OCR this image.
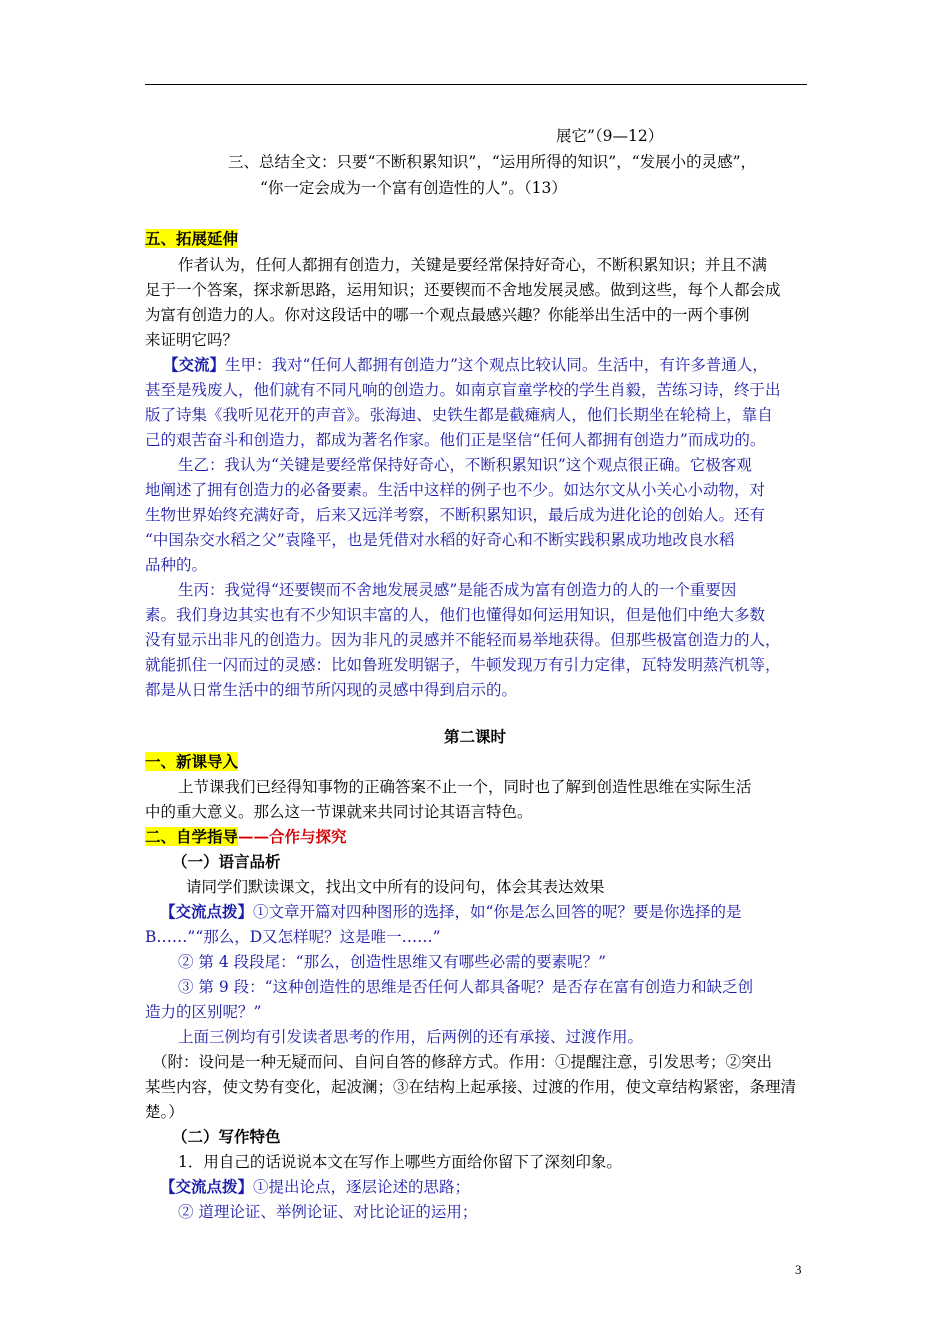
展它”（9—12）
三、总结全文：只要“不断积累知识”，“运用所得的知识”，“发展小的灵感”，
“你一定会成为一个富有创造性的人”。（13）
五、拓展延伸
作者认为，任何人都拥有创造力，关键是要经常保持好奇心，不断积累知识；并且不满
足于一个答案，探求新思路，运用知识；还要锲而不舍地发展灵感。做到这些，每个人都会成
为富有创造力的人。你对这段话中的哪一个观点最感兴趣？你能举出生活中的一两个事例
来证明它吗？
【交流】生甲：我对“任何人都拥有创造力”这个观点比较认同。生活中，有许多普通人，
甚至是残废人，他们就有不同凡响的创造力。如南京盲童学校的学生肖毅，苦练习诗，终于出
版了诗集《我听见花开的声音》。张海迪、史铁生都是截瘫病人，他们长期坐在轮椅上，靠自
己的艰苦奋斗和创造力，都成为著名作家。他们正是坚信“任何人都拥有创造力”而成功的。
生乙：我认为“关键是要经常保持好奇心，不断积累知识”这个观点很正确。它极客观
地阐述了拥有创造力的必备要素。生活中这样的例子也不少。如达尔文从小关心小动物，对
生物世界始终充满好奇，后来又远洋考察，不断积累知识，最后成为进化论的创始人。还有
“中国杂交水稻之父”袁隆平，也是凭借对水稻的好奇心和不断实践积累成功地改良水稻
品种的。
生丙：我觉得“还要锲而不舍地发展灵感”是能否成为富有创造力的人的一个重要因
素。我们身边其实也有不少知识丰富的人，他们也懂得如何运用知识，但是他们中绝大多数
没有显示出非凡的创造力。因为非凡的灵感并不能轻而易举地获得。但那些极富创造力的人，
就能抓住一闪而过的灵感：比如鲁班发明锯子，牛顿发现万有引力定律，瓦特发明蒸汽机等，
都是从日常生活中的细节所闪现的灵感中得到启示的。
第二课时
一、新课导入
上节课我们已经得知事物的正确答案不止一个，同时也了解到创造性思维在实际生活
中的重大意义。那么这一节课就来共同讨论其语言特色。
二、自学指导——合作与探究
（一）语言品析
请同学们默读课文，找出文中所有的设问句，体会其表达效果
【交流点拨】①文章开篇对四种图形的选择，如“你是怎么回答的呢？要是你选择的是
B……”“那么，D又怎样呢？这是唯一……”
② 第 4 段段尾：“那么，创造性思维又有哪些必需的要素呢？”
③ 第 9 段：“这种创造性的思维是否任何人都具备呢？是否存在富有创造力和缺乏创
造力的区别呢？”
上面三例均有引发读者思考的作用，后两例的还有承接、过渡作用。
（附：设问是一种无疑而问、自问自答的修辞方式。作用：①提醒注意，引发思考；②突出
某些内容，使文势有变化，起波澜；③在结构上起承接、过渡的作用，使文章结构紧密，条理清
楚。）
（二）写作特色
1．用自己的话说说本文在写作上哪些方面给你留下了深刻印象。
【交流点拨】①提出论点，逐层论述的思路；
② 道理论证、举例论证、对比论证的运用；
3
